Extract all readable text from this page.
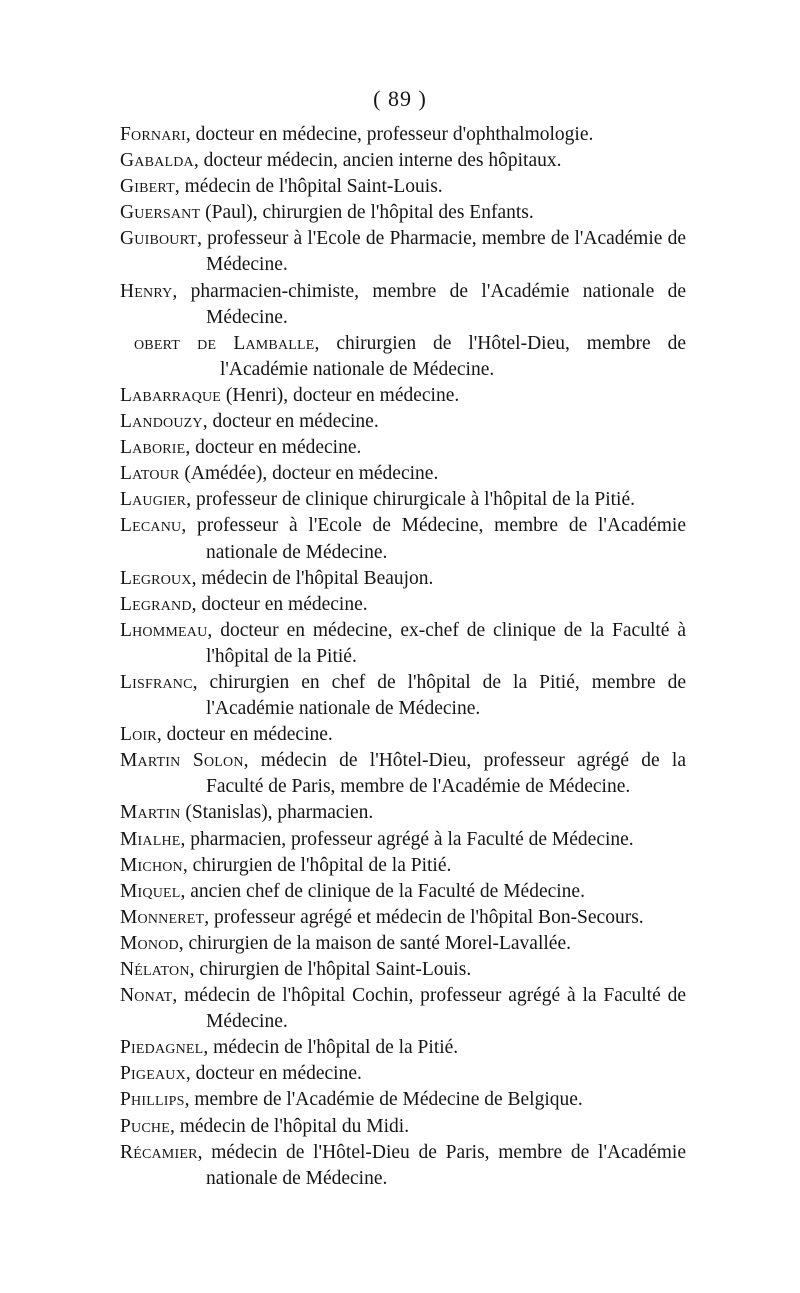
( 89 )
Fornari, docteur en médecine, professeur d'ophthalmologie.
Gabalda, docteur médecin, ancien interne des hôpitaux.
Gibert, médecin de l'hôpital Saint-Louis.
Guersant (Paul), chirurgien de l'hôpital des Enfants.
Guibourt, professeur à l'Ecole de Pharmacie, membre de l'Académie de Médecine.
Henry, pharmacien-chimiste, membre de l'Académie nationale de Médecine.
obert de Lamballe, chirurgien de l'Hôtel-Dieu, membre de l'Académie nationale de Médecine.
Labarraque (Henri), docteur en médecine.
Landouzy, docteur en médecine.
Laborie, docteur en médecine.
Latour (Amédée), docteur en médecine.
Laugier, professeur de clinique chirurgicale à l'hôpital de la Pitié.
Lecanu, professeur à l'Ecole de Médecine, membre de l'Académie nationale de Médecine.
Legroux, médecin de l'hôpital Beaujon.
Legrand, docteur en médecine.
Lhommeau, docteur en médecine, ex-chef de clinique de la Faculté à l'hôpital de la Pitié.
Lisfranc, chirurgien en chef de l'hôpital de la Pitié, membre de l'Académie nationale de Médecine.
Loir, docteur en médecine.
Martin Solon, médecin de l'Hôtel-Dieu, professeur agrégé de la Faculté de Paris, membre de l'Académie de Médecine.
Martin (Stanislas), pharmacien.
Mialhe, pharmacien, professeur agrégé à la Faculté de Médecine.
Michon, chirurgien de l'hôpital de la Pitié.
Miquel, ancien chef de clinique de la Faculté de Médecine.
Monneret, professeur agrégé et médecin de l'hôpital Bon-Secours.
Monod, chirurgien de la maison de santé Morel-Lavallée.
Nélaton, chirurgien de l'hôpital Saint-Louis.
Nonat, médecin de l'hôpital Cochin, professeur agrégé à la Faculté de Médecine.
Piedagnel, médecin de l'hôpital de la Pitié.
Pigeaux, docteur en médecine.
Phillips, membre de l'Académie de Médecine de Belgique.
Puche, médecin de l'hôpital du Midi.
Récamier, médecin de l'Hôtel-Dieu de Paris, membre de l'Académie nationale de Médecine.
